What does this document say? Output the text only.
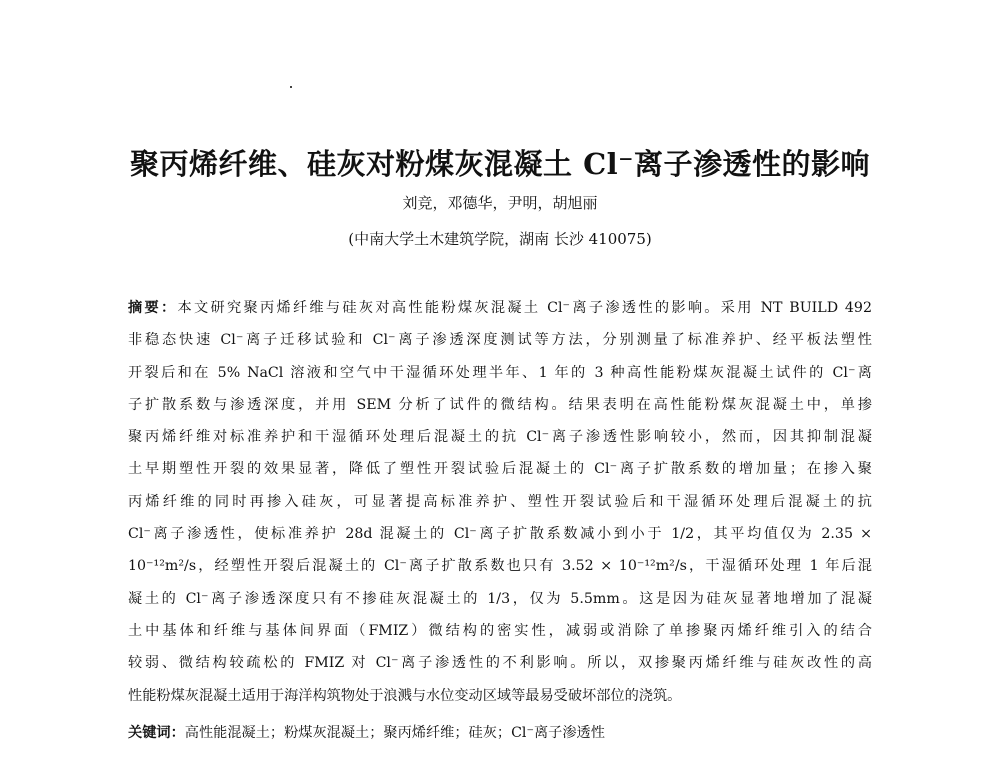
聚丙烯纤维、硅灰对粉煤灰混凝土 Cl⁻离子渗透性的影响
刘竞，邓德华，尹明，胡旭丽
(中南大学土木建筑学院，湖南 长沙 410075)
摘要：本文研究聚丙烯纤维与硅灰对高性能粉煤灰混凝土 Cl⁻离子渗透性的影响。采用 NT BUILD 492
非稳态快速 Cl⁻离子迁移试验和 Cl⁻离子渗透深度测试等方法，分别测量了标准养护、经平板法塑性
开裂后和在 5% NaCl 溶液和空气中干湿循环处理半年、1 年的 3 种高性能粉煤灰混凝土试件的 Cl⁻离
子扩散系数与渗透深度，并用 SEM 分析了试件的微结构。结果表明在高性能粉煤灰混凝土中，单掺
聚丙烯纤维对标准养护和干湿循环处理后混凝土的抗 Cl⁻离子渗透性影响较小，然而，因其抑制混凝
土早期塑性开裂的效果显著，降低了塑性开裂试验后混凝土的 Cl⁻离子扩散系数的增加量；在掺入聚
丙烯纤维的同时再掺入硅灰，可显著提高标准养护、塑性开裂试验后和干湿循环处理后混凝土的抗
Cl⁻离子渗透性，使标准养护 28d 混凝土的 Cl⁻离子扩散系数减小到小于 1/2，其平均值仅为 2.35 ×
10⁻¹²m²/s，经塑性开裂后混凝土的 Cl⁻离子扩散系数也只有 3.52 × 10⁻¹²m²/s，干湿循环处理 1 年后混
凝土的 Cl⁻离子渗透深度只有不掺硅灰混凝土的 1/3，仅为 5.5mm。这是因为硅灰显著地增加了混凝
土中基体和纤维与基体间界面（FMIZ）微结构的密实性，减弱或消除了单掺聚丙烯纤维引入的结合
较弱、微结构较疏松的 FMIZ 对 Cl⁻离子渗透性的不利影响。所以，双掺聚丙烯纤维与硅灰改性的高
性能粉煤灰混凝土适用于海洋构筑物处于浪溅与水位变动区域等最易受破坏部位的浇筑。
关键词：高性能混凝土；粉煤灰混凝土；聚丙烯纤维；硅灰；Cl⁻离子渗透性
